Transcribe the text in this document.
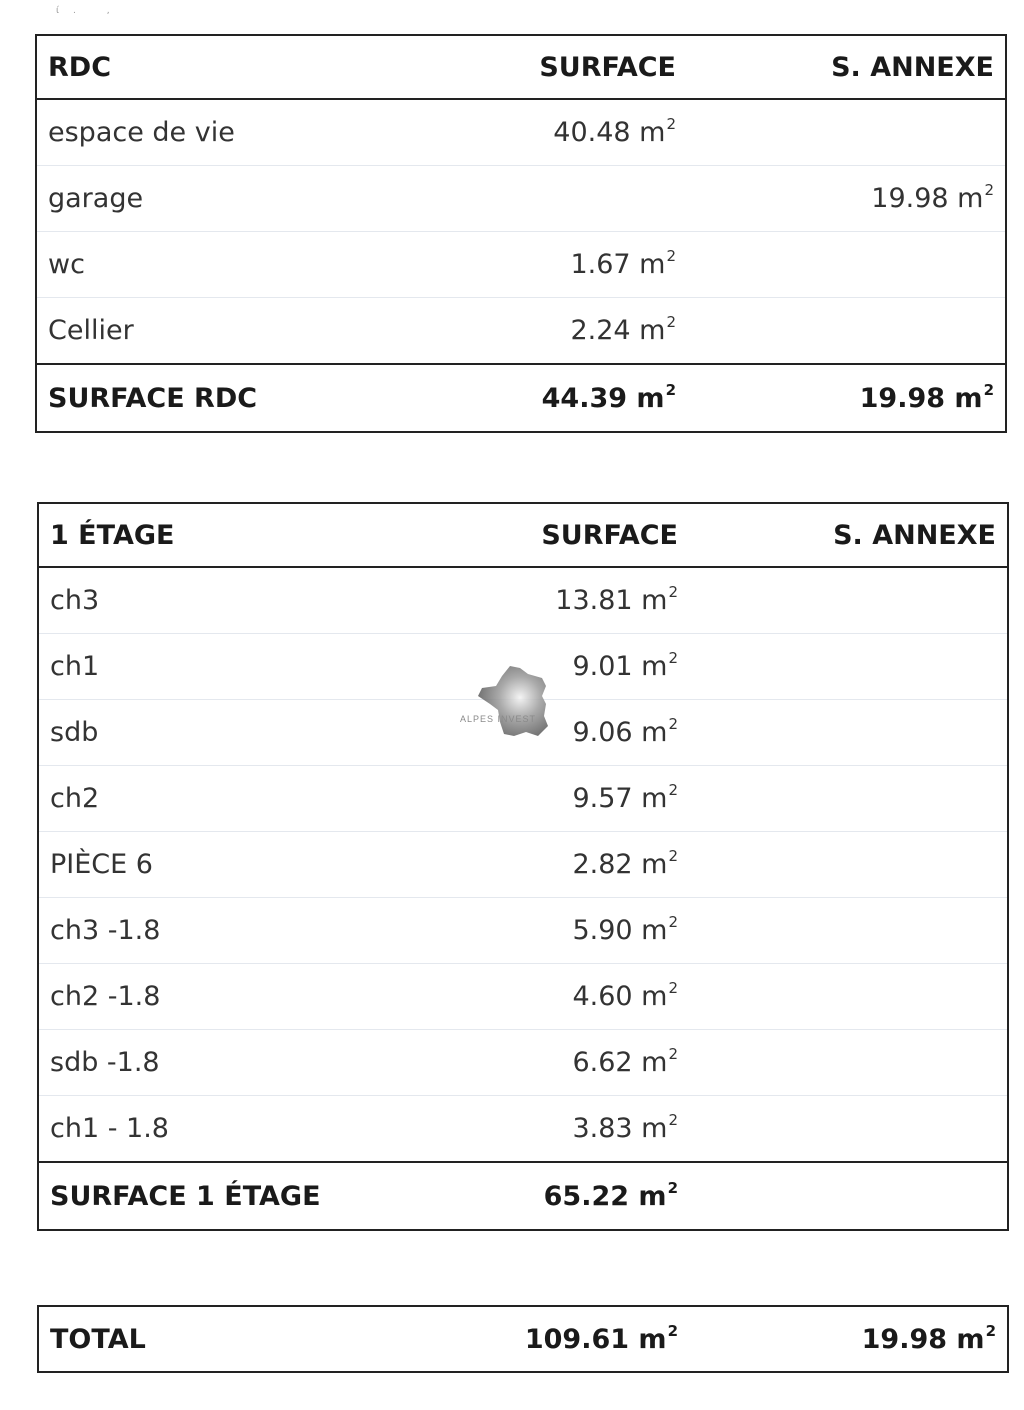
ί. ,
RDC	SURFACE	S. ANNEXE
espace de vie	40.48 $m^2$	
garage		19.98 $m^2$
wc	1.67 $m^2$	
Cellier	2.24 $m^2$	
SURFACE RDC	44.39 $m^2$	19.98 $m^2$
1 ÉTAGE	SURFACE	S. ANNEXE
ch3	13.81 $m^2$	
ch1	9.01 $m^2$	
sdb	9.06 $m^2$	
ch2	9.57 $m^2$	
PIÈCE 6	2.82 $m^2$	
ch3 -1.8	5.90 $m^2$	
ch2 -1.8	4.60 $m^2$	
sdb -1.8	6.62 $m^2$	
ch1 - 1.8	3.83 $m^2$	
SURFACE 1 ÉTAGE	65.22 $m^2$	
TOTAL	109.61 $m^2$	19.98 $m^2$
ALPES INVEST
